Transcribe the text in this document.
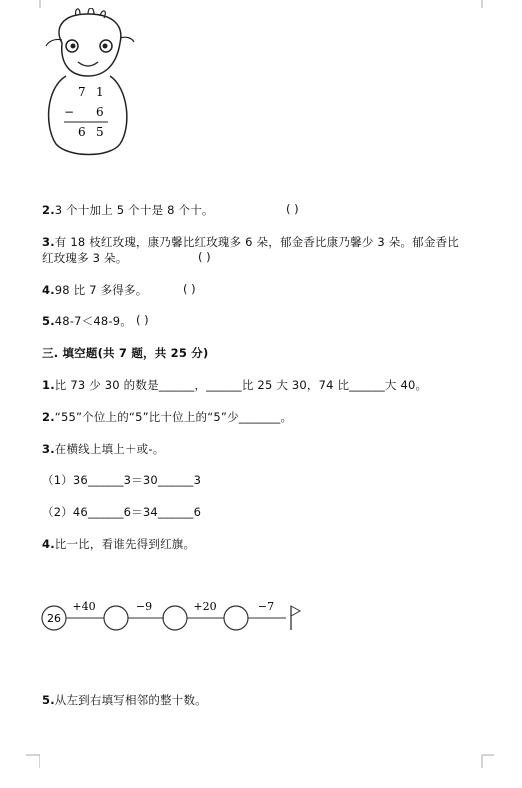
7 1
− 6
6 5
2.3 个十加上 5 个十是 8 个十。	( )
3.有 18 枝红玫瑰，康乃馨比红玫瑰多 6 朵，郁金香比康乃馨少 3 朵。郁金香比
红玫瑰多 3 朵。	( )
4.98 比 7 多得多。	( )
5.48-7＜48-9。 ( )
三. 填空题(共 7 题，共 25 分)
1.比 73 少 30 的数是______，______比 25 大 30，74 比______大 40。
2.“55”个位上的“5”比十位上的“5”少_______。
3.在横线上填上＋或-。
（1）36______3＝30______3
（2）46______6＝34______6
4.比一比，看谁先得到红旗。
26
+40	−9	+20	−7
5.从左到右填写相邻的整十数。
